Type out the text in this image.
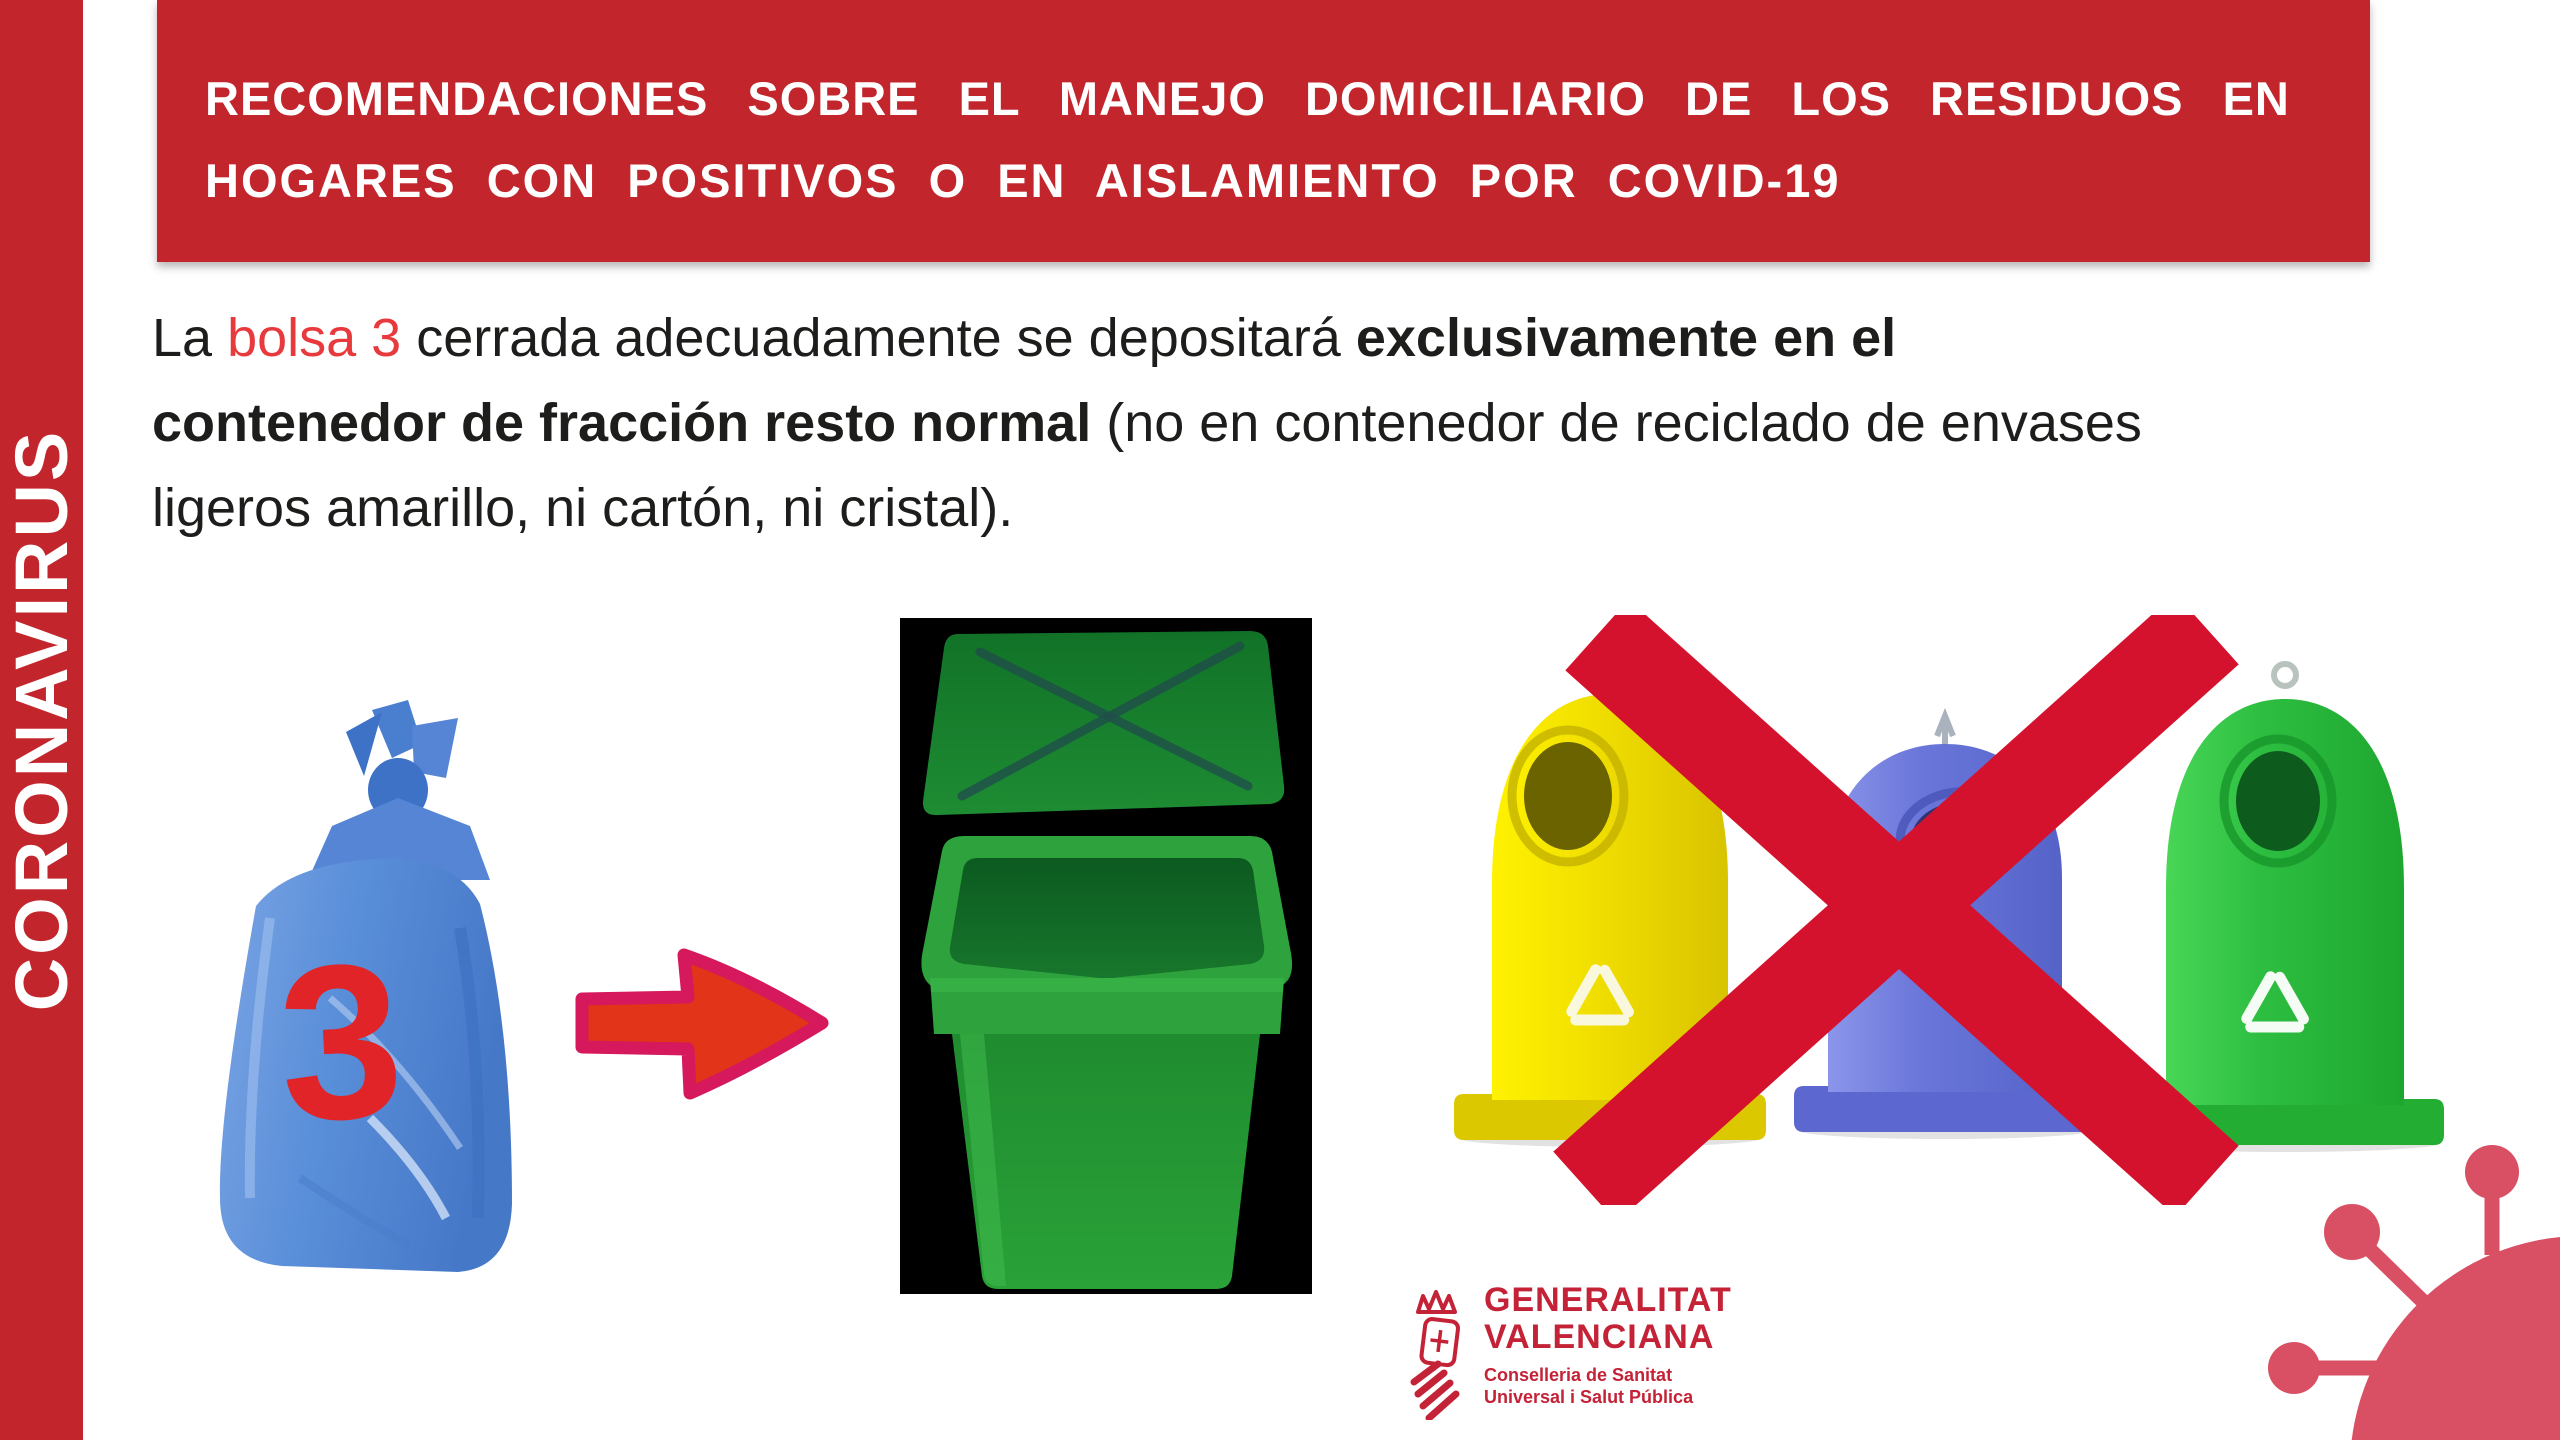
CORONAVIRUS
RECOMENDACIONES SOBRE EL MANEJO DOMICILIARIO DE LOS RESIDUOS EN
HOGARES CON POSITIVOS O EN AISLAMIENTO POR COVID-19
La bolsa 3 cerrada adecuadamente se depositará exclusivamente en el
contenedor de fracción resto normal (no en contenedor de reciclado de envases
ligeros amarillo, ni cartón, ni cristal).
3
GENERALITAT
VALENCIANA
Conselleria de Sanitat
Universal i Salut Pública
